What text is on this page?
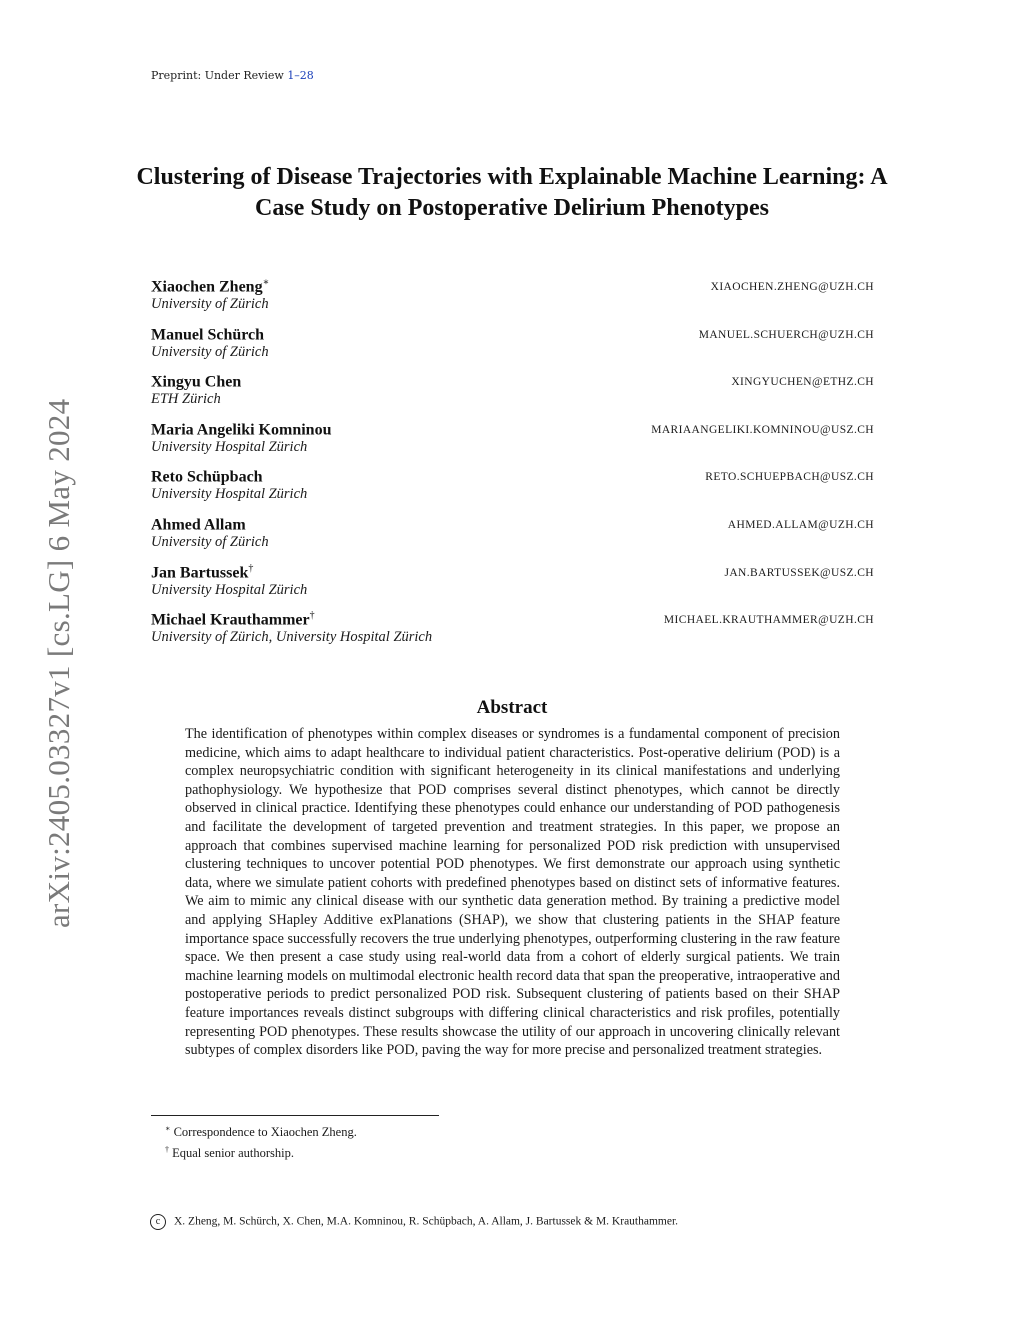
Preprint: Under Review 1–28
arXiv:2405.03327v1 [cs.LG] 6 May 2024
Clustering of Disease Trajectories with Explainable Machine Learning: A Case Study on Postoperative Delirium Phenotypes
Xiaochen Zheng∗
University of Zürich
XIAOCHEN.ZHENG@UZH.CH
Manuel Schürch
University of Zürich
MANUEL.SCHUERCH@UZH.CH
Xingyu Chen
ETH Zürich
XINGYUCHEN@ETHZ.CH
Maria Angeliki Komninou
University Hospital Zürich
MARIAANGELIKI.KOMNINOU@USZ.CH
Reto Schüpbach
University Hospital Zürich
RETO.SCHUEPBACH@USZ.CH
Ahmed Allam
University of Zürich
AHMED.ALLAM@UZH.CH
Jan Bartussek†
University Hospital Zürich
JAN.BARTUSSEK@USZ.CH
Michael Krauthammer†
University of Zürich, University Hospital Zürich
MICHAEL.KRAUTHAMMER@UZH.CH
Abstract
The identification of phenotypes within complex diseases or syndromes is a fundamental component of precision medicine, which aims to adapt healthcare to individual patient characteristics. Post-operative delirium (POD) is a complex neuropsychiatric condition with significant heterogeneity in its clinical manifestations and underlying pathophysiology. We hypothesize that POD comprises several distinct phenotypes, which cannot be directly observed in clinical practice. Identifying these phenotypes could enhance our understanding of POD pathogenesis and facilitate the development of targeted prevention and treatment strategies. In this paper, we propose an approach that combines supervised machine learning for personalized POD risk prediction with unsupervised clustering techniques to uncover potential POD phenotypes. We first demonstrate our approach using synthetic data, where we simulate patient cohorts with predefined phenotypes based on distinct sets of informative features. We aim to mimic any clinical disease with our synthetic data generation method. By training a predictive model and applying SHapley Additive exPlanations (SHAP), we show that clustering patients in the SHAP feature importance space successfully recovers the true underlying phenotypes, outperforming clustering in the raw feature space. We then present a case study using real-world data from a cohort of elderly surgical patients. We train machine learning models on multimodal electronic health record data that span the preoperative, intraoperative and postoperative periods to predict personalized POD risk. Subsequent clustering of patients based on their SHAP feature importances reveals distinct subgroups with differing clinical characteristics and risk profiles, potentially representing POD phenotypes. These results showcase the utility of our approach in uncovering clinically relevant subtypes of complex disorders like POD, paving the way for more precise and personalized treatment strategies.
∗ Correspondence to Xiaochen Zheng.
† Equal senior authorship.
c X. Zheng, M. Schürch, X. Chen, M.A. Komninou, R. Schüpbach, A. Allam, J. Bartussek & M. Krauthammer.
